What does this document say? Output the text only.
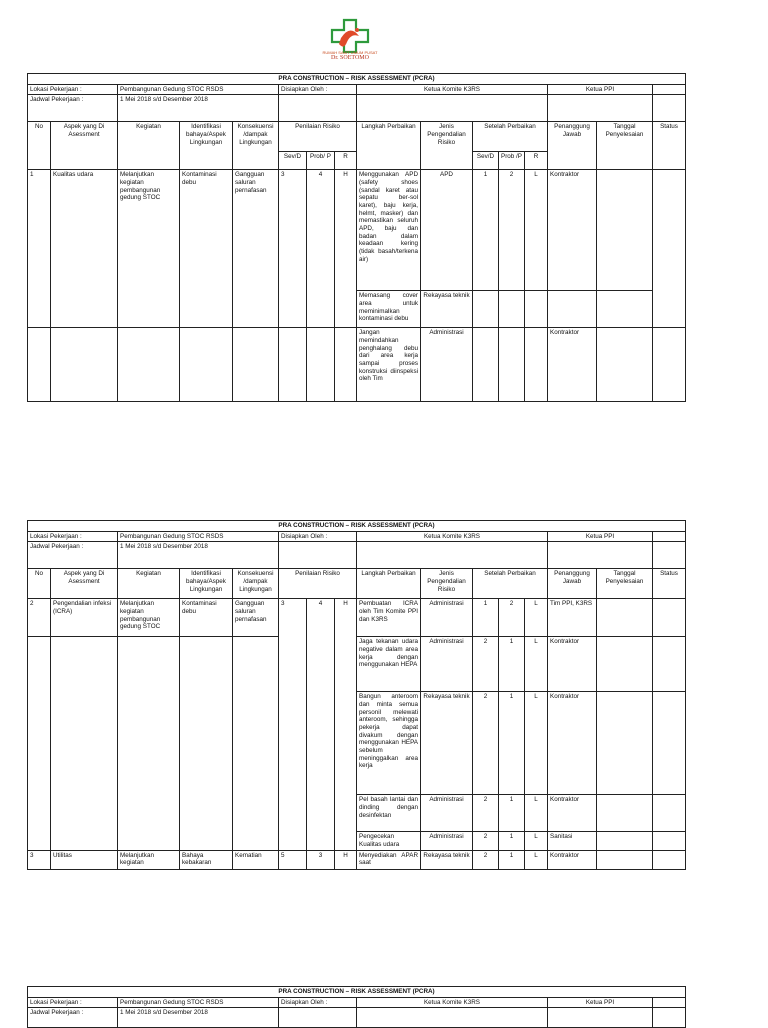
RUMAH SAKIT UMUM PUSAT
Dr. SOETOMO
PRA CONSTRUCTION – RISK ASSESSMENT (PCRA)															
Lokasi Pekerjaan :		Pembangunan Gedung STOC RSDS			Disiapkan Oleh :			Ketua Komite K3RS					Ketua PPI		
Jadwal Pekerjaan :		1 Mei 2018 s/d Desember 2018													
No	Aspek yang Di Asessment	Kegiatan	Identifikasi bahaya/Aspek Lingkungan	Konsekuensi /dampak Lingkungan	Penilaian Risiko			Langkah Perbaikan	Jenis Pengendalian Risiko	Setelah Perbaikan			Penanggung Jawab	Tanggal Penyelesaian	Status
					Sev/D	Prob/ P	R			Sev/D	Prob /P	R			
1	Kualitas udara	Melanjutkan kegiatan pembangunan gedung STOC	Kontaminasi debu	Gangguan saluran pernafasan	3	4	H	Menggunakan APD (safety shoes (sandal karet atau sepatu ber-sol karet), baju kerja, helmt, masker) dan memastikan seluruh APD, baju dan badan dalam keadaan kering (tidak basah/terkena air)	APD	1	2	L	Kontraktor		
								Memasang cover area untuk meminimalkan kontaminasi debu	Rekayasa teknik						
								Jangan memindahkan penghalang debu dari area kerja sampai proses konstruksi diinspeksi oleh Tim	Administrasi				Kontraktor		
PRA CONSTRUCTION – RISK ASSESSMENT (PCRA)															
Lokasi Pekerjaan :		Pembangunan Gedung STOC RSDS			Disiapkan Oleh :			Ketua Komite K3RS					Ketua PPI		
Jadwal Pekerjaan :		1 Mei 2018 s/d Desember 2018													
No	Aspek yang Di Asessment	Kegiatan	Identifikasi bahaya/Aspek Lingkungan	Konsekuensi /dampak Lingkungan	Penilaian Risiko			Langkah Perbaikan	Jenis Pengendalian Risiko	Setelah Perbaikan			Penanggung Jawab	Tanggal Penyelesaian	Status
2	Pengendalian infeksi (ICRA)	Melanjutkan kegiatan pembangunan gedung STOC	Kontaminasi debu	Gangguan saluran pernafasan	3	4	H	Pembuatan ICRA oleh Tim Komite PPI dan K3RS	Administrasi	1	2	L	Tim PPI, K3RS		
								Jaga tekanan udara negative dalam area kerja dengan menggunakan HEPA	Administrasi	2	1	L	Kontraktor		
								Bangun anteroom dan minta semua personil melewati anteroom, sehingga pekerja dapat divakum dengan menggunakan HEPA sebelum meninggalkan area kerja	Rekayasa teknik	2	1	L	Kontraktor		
								Pel basah lantai dan dinding dengan desinfektan	Administrasi	2	1	L	Kontraktor		
								Pengecekan Kualitas udara	Administrasi	2	1	L	Sanitasi		
3	Utilitas	Melanjutkan kegiatan	Bahaya kebakaran	Kematian	5	3	H	Menyediakan APAR saat	Rekayasa teknik	2	1	L	Kontraktor		
PRA CONSTRUCTION – RISK ASSESSMENT (PCRA)					
Lokasi Pekerjaan :	Pembangunan Gedung STOC RSDS	Disiapkan Oleh :	Ketua Komite K3RS	Ketua PPI	
Jadwal Pekerjaan :	1 Mei 2018 s/d Desember 2018				
